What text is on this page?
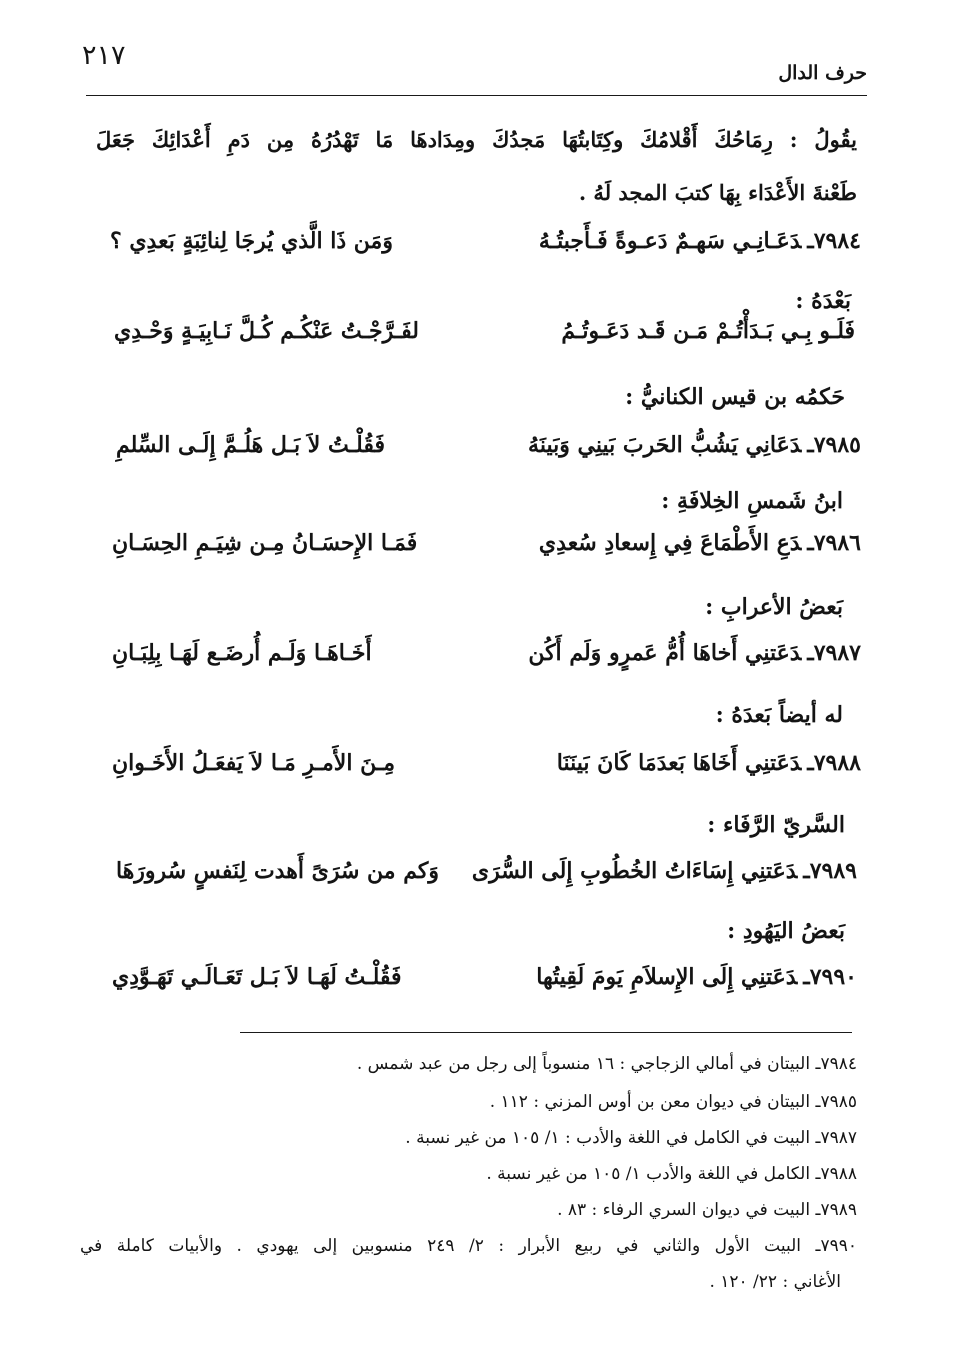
٢١٧
حرف الدال
يقُولُ : رِمَاحُكَ أَقْلامُكَ وكِتَابتُهَا مَجدُكَ ومِدَادهَا مَا تَهْدُرُهُ مِن دَمِ أَعْدَائِكَ جَعَلَ
طَعْنةَ الأَعْدَاء بِهَا كتبَ المجد لَهُ .
٧٩٨٤ـدَعَـانِـي سَهـمٌ دَعـوةً فَـأَجبتُـهُ
وَمَن ذَا الَّذي يُرجَا لِنائِبَةٍ بَعدِي ؟
بَعْدَهُ :
فَلَـو بِـي بَـدَأْتُـمْ مَـن قَـد دَعَـوتُـمُ
لفَـرَّجْـتُ عَنْكُـم كُـلَّ نَـابِيَـةٍ وَحْـدِي
حَكمُه بن قيس الكنانيُّ :
٧٩٨٥ـدَعَانِي يَشُبُّ الحَربَ بَينِي وَبَينَهُ
فَقُلْـتُ لاَ بَـل هَلُـمَّ إِلَـى السِّلمِ
ابنُ شَمسِ الخِلافَةِ :
٧٩٨٦ـدَعِ الأَطْمَاعَ فِي إِسعادِ سُعدِي
فَمَـا الإِحسَـانُ مِـن شِيَـمِ الحِسَـانِ
بَعضُ الأعرابِ :
٧٩٨٧ـدَعَتنِي أَخاهَا أُمُّ عَمرٍو وَلَم أَكُن
أَخَـاهَـا وَلَـم أُرضَـع لَهَـا بِلِبَـانِ
له أيضاً بَعدَهُ :
٧٩٨٨ـدَعَتنِي أَخَاهَا بَعدَمَا كَانَ بَينَنَا
مِـنَ الأَمـرِ مَـا لاَ يَفعَـلُ الأَخَـوانِ
السَّريّ الرَّفَاء :
٧٩٨٩ـدَعَتنِي إِسَاءَاتُ الخُطُوبِ إِلَى السُّرَى
وَكم من سُرَىً أَهدت لِنَفسٍ سُرورَهَا
بَعضُ اليَهُودِ :
٧٩٩٠ـدَعَتنِي إِلَى الإِسلاَمِ يَومَ لَقِيتُها
فَقُلْـتُ لَهَـا لاَ بَـل تَعَـالَـي تَهَـوَّدِي
٧٩٨٤ـ البيتان في أمالي الزجاجي : ١٦ منسوباً إلى رجل من عبد شمس .
٧٩٨٥ـ البيتان في ديوان معن بن أوس المزني : ١١٢ .
٧٩٨٧ـ البيت في الكامل في اللغة والأدب : ١/ ١٠٥ من غير نسبة .
٧٩٨٨ـ الكامل في اللغة والأدب ١/ ١٠٥ من غير نسبة .
٧٩٨٩ـ البيت في ديوان السري الرفاء : ٨٣ .
٧٩٩٠ـ البيت الأول والثاني في ربيع الأبرار : ٢/ ٢٤٩ منسوبين إلى يهودي . والأبيات كاملة في
الأغاني : ٢٢/ ١٢٠ .
